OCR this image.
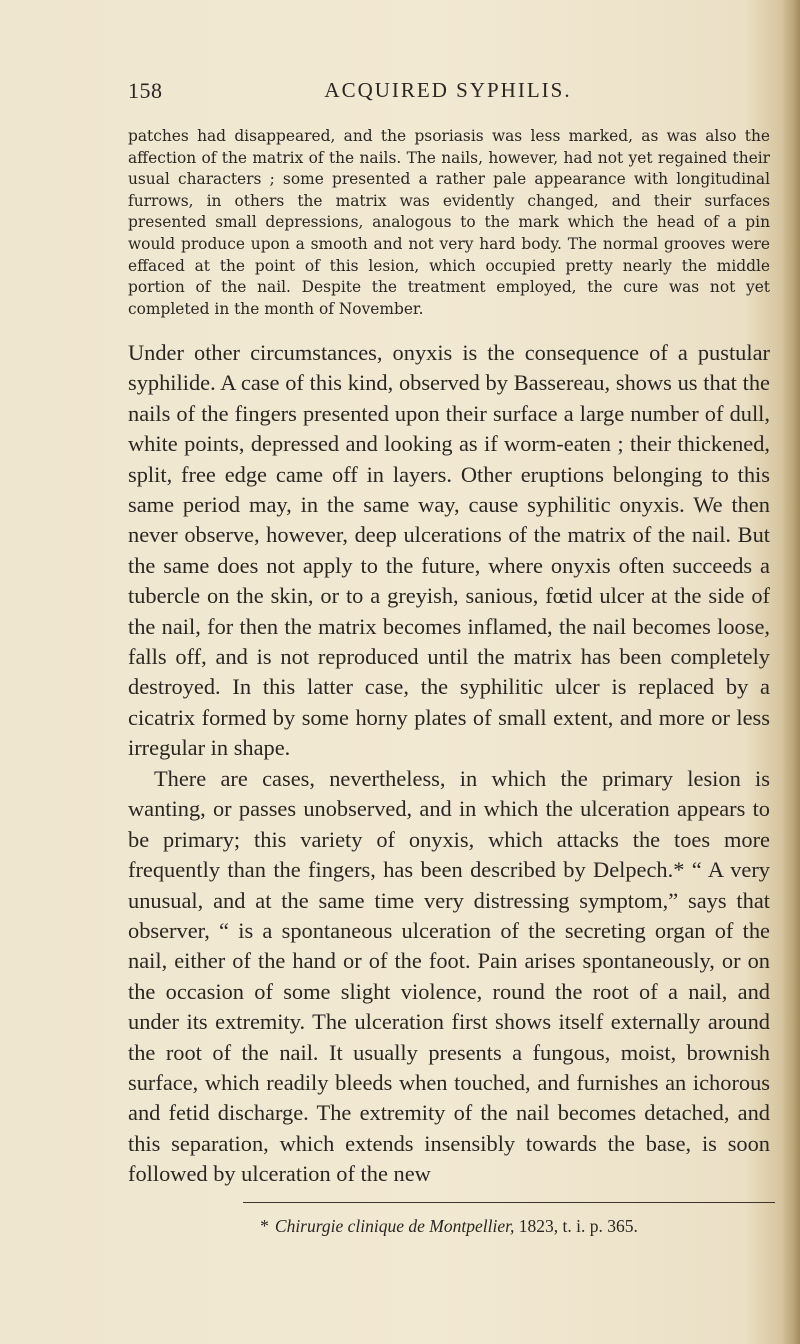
158	ACQUIRED SYPHILIS.

patches had disappeared, and the psoriasis was less marked, as was also the affection of the matrix of the nails. The nails, however, had not yet regained their usual characters ; some presented a rather pale appearance with longitudinal furrows, in others the matrix was evidently changed, and their surfaces presented small depressions, analogous to the mark which the head of a pin would produce upon a smooth and not very hard body. The normal grooves were effaced at the point of this lesion, which occupied pretty nearly the middle portion of the nail. Despite the treatment employed, the cure was not yet completed in the month of November.

Under other circumstances, onyxis is the consequence of a pustular syphilide. A case of this kind, observed by Bassereau, shows us that the nails of the fingers presented upon their surface a large number of dull, white points, depressed and looking as if worm-eaten ; their thickened, split, free edge came off in layers. Other eruptions belonging to this same period may, in the same way, cause syphilitic onyxis. We then never observe, however, deep ulcerations of the matrix of the nail. But the same does not apply to the future, where onyxis often succeeds a tubercle on the skin, or to a greyish, sanious, fœtid ulcer at the side of the nail, for then the matrix becomes inflamed, the nail becomes loose, falls off, and is not reproduced until the matrix has been completely destroyed. In this latter case, the syphilitic ulcer is replaced by a cicatrix formed by some horny plates of small extent, and more or less irregular in shape.

There are cases, nevertheless, in which the primary lesion is wanting, or passes unobserved, and in which the ulceration appears to be primary; this variety of onyxis, which attacks the toes more frequently than the fingers, has been described by Delpech.* “ A very unusual, and at the same time very distressing symptom,” says that observer, “ is a spontaneous ulceration of the secreting organ of the nail, either of the hand or of the foot. Pain arises spontaneously, or on the occasion of some slight violence, round the root of a nail, and under its extremity. The ulceration first shows itself externally around the root of the nail. It usually presents a fungous, moist, brownish surface, which readily bleeds when touched, and furnishes an ichorous and fetid discharge. The extremity of the nail becomes detached, and this separation, which extends insensibly towards the base, is soon followed by ulceration of the new

* Chirurgie clinique de Montpellier, 1823, t. i. p. 365.
